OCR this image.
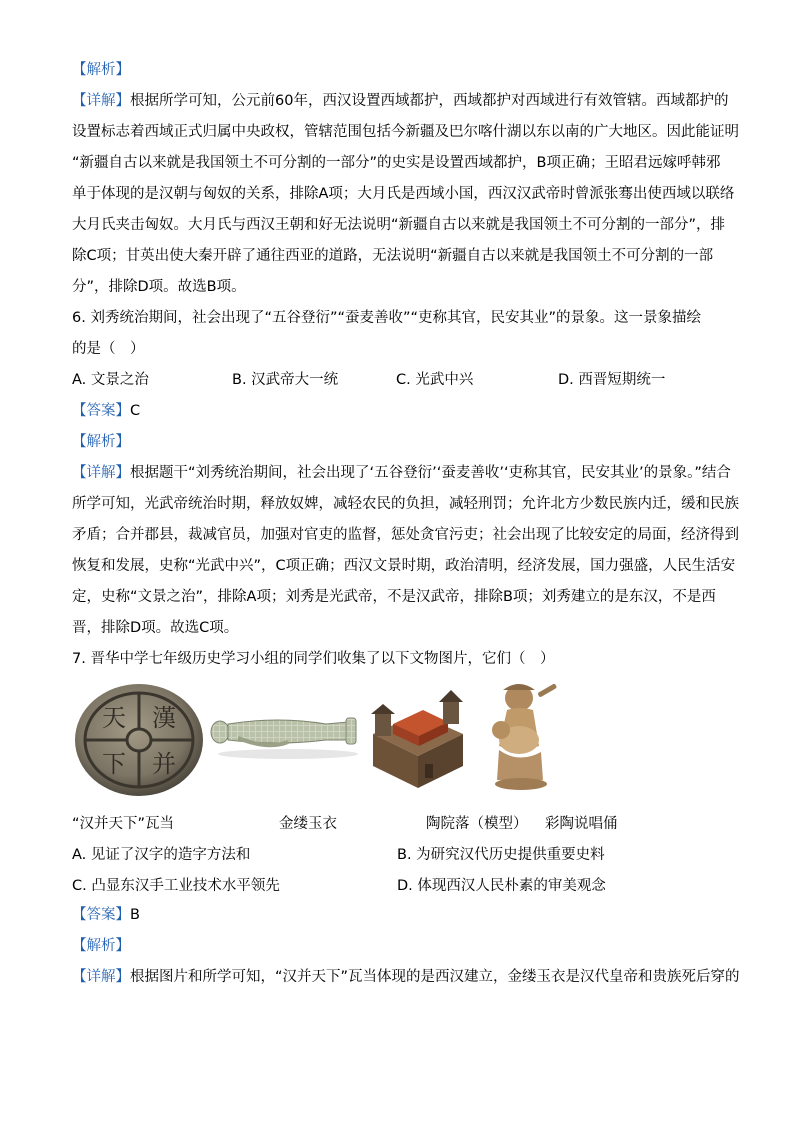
【解析】
【详解】根据所学可知，公元前60年，西汉设置西域都护，西域都护对西域进行有效管辖。西域都护的
设置标志着西域正式归属中央政权，管辖范围包括今新疆及巴尔喀什湖以东以南的广大地区。因此能证明
“新疆自古以来就是我国领土不可分割的一部分”的史实是设置西域都护，B项正确；王昭君远嫁呼韩邪
单于体现的是汉朝与匈奴的关系，排除A项；大月氏是西域小国，西汉汉武帝时曾派张骞出使西域以联络
大月氏夹击匈奴。大月氏与西汉王朝和好无法说明“新疆自古以来就是我国领土不可分割的一部分”，排
除C项；甘英出使大秦开辟了通往西亚的道路，无法说明“新疆自古以来就是我国领土不可分割的一部
分”，排除D项。故选B项。
6. 刘秀统治期间，社会出现了“五谷登衍”“蚕麦善收”“吏称其官，民安其业”的景象。这一景象描绘
的是（　）
A. 文景之治	B. 汉武帝大一统	C. 光武中兴	D. 西晋短期统一
【答案】C
【解析】
【详解】根据题干“刘秀统治期间，社会出现了‘五谷登衍’‘蚕麦善收’‘吏称其官，民安其业’的景象。”结合
所学可知，光武帝统治时期，释放奴婢，减轻农民的负担，减轻刑罚；允许北方少数民族内迁，缓和民族
矛盾；合并郡县，裁减官员，加强对官吏的监督，惩处贪官污吏；社会出现了比较安定的局面，经济得到
恢复和发展，史称“光武中兴”，C项正确；西汉文景时期，政治清明，经济发展，国力强盛，人民生活安
定，史称“文景之治”，排除A项；刘秀是光武帝，不是汉武帝，排除B项；刘秀建立的是东汉，不是西
晋，排除D项。故选C项。
7. 晋华中学七年级历史学习小组的同学们收集了以下文物图片，它们（　）
漢
并
天
下
“汉并天下”瓦当	金缕玉衣	陶院落（模型） 彩陶说唱俑
A. 见证了汉字的造字方法和	B. 为研究汉代历史提供重要史料
C. 凸显东汉手工业技术水平领先	D. 体现西汉人民朴素的审美观念
【答案】B
【解析】
【详解】根据图片和所学可知，“汉并天下”瓦当体现的是西汉建立，金缕玉衣是汉代皇帝和贵族死后穿的
